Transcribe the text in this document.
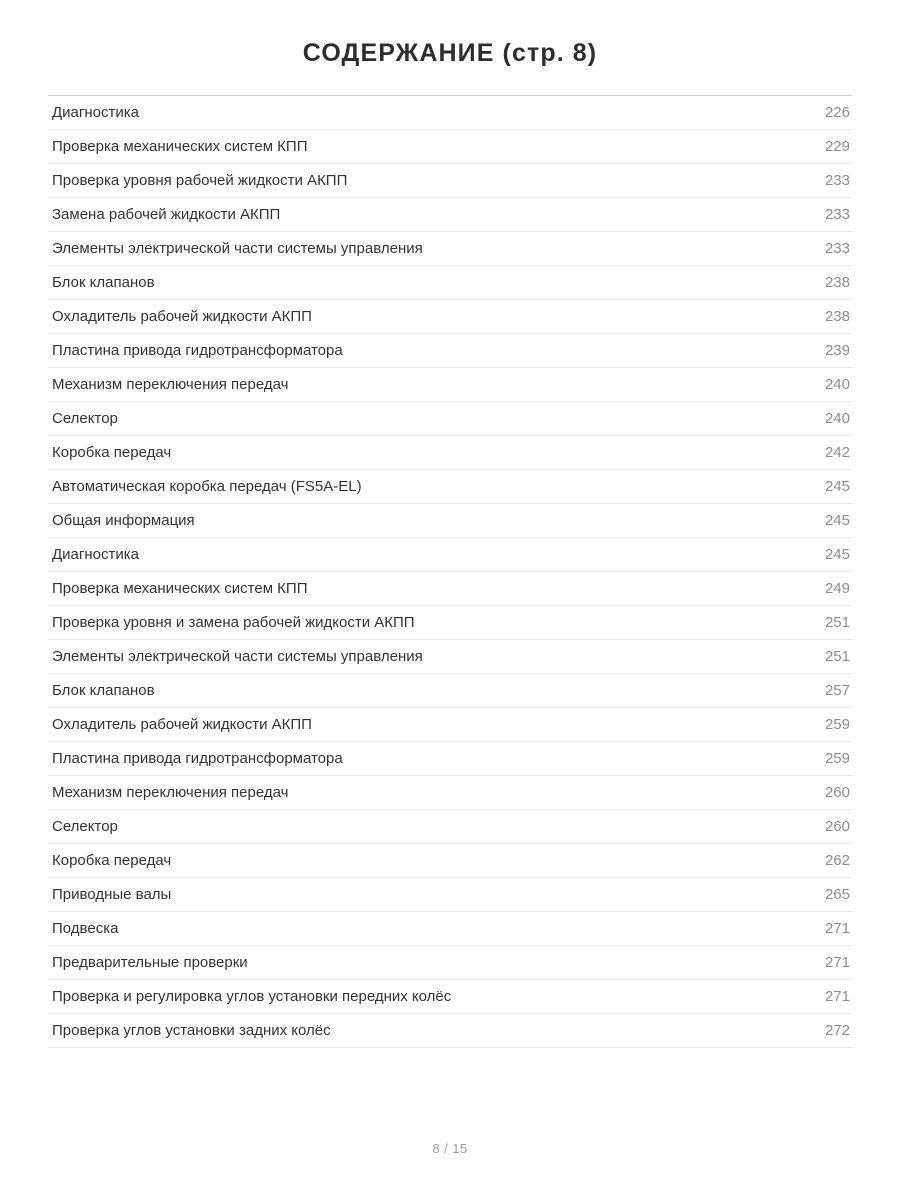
СОДЕРЖАНИЕ (стр. 8)
Диагностика	226
Проверка механических систем КПП	229
Проверка уровня рабочей жидкости АКПП	233
Замена рабочей жидкости АКПП	233
Элементы электрической части системы управления	233
Блок клапанов	238
Охладитель рабочей жидкости АКПП	238
Пластина привода гидротрансформатора	239
Механизм переключения передач	240
Селектор	240
Коробка передач	242
Автоматическая коробка передач (FS5A-EL)	245
Общая информация	245
Диагностика	245
Проверка механических систем КПП	249
Проверка уровня и замена рабочей жидкости АКПП	251
Элементы электрической части системы управления	251
Блок клапанов	257
Охладитель рабочей жидкости АКПП	259
Пластина привода гидротрансформатора	259
Механизм переключения передач	260
Селектор	260
Коробка передач	262
Приводные валы	265
Подвеска	271
Предварительные проверки	271
Проверка и регулировка углов установки передних колёс	271
Проверка углов установки задних колёс	272
8 / 15
